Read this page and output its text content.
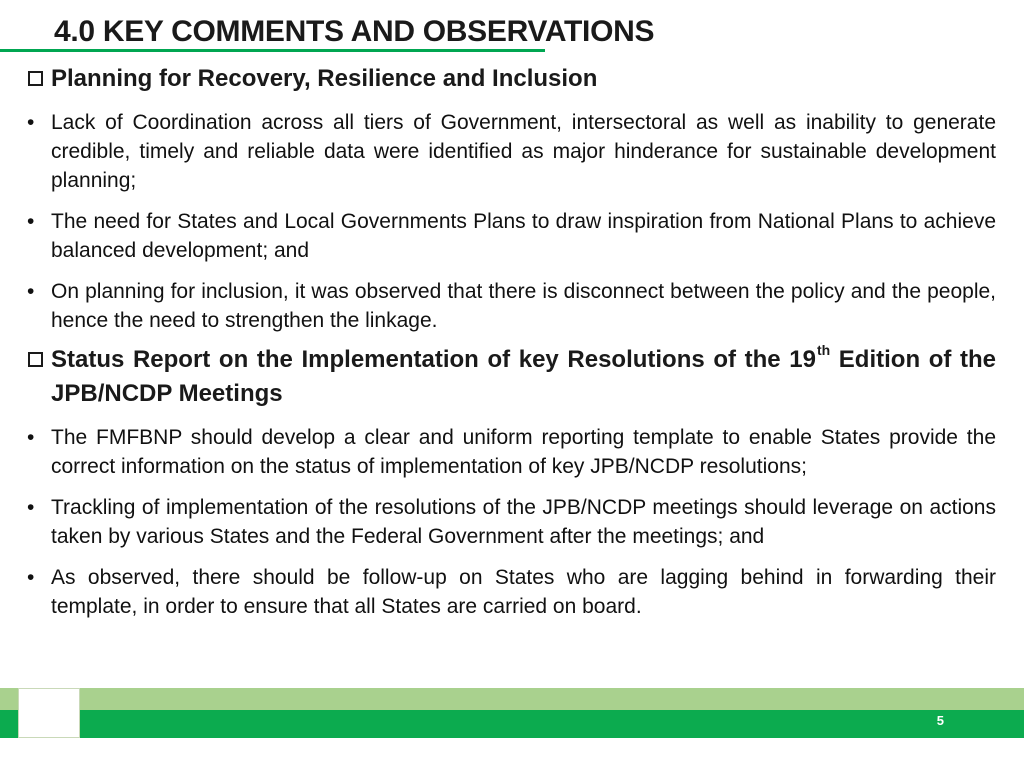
4.0 KEY COMMENTS AND OBSERVATIONS
Planning for Recovery, Resilience and Inclusion
• Lack of Coordination across all tiers of Government, intersectoral as well as inability to generate credible, timely and reliable data were identified as major hinderance for sustainable development planning;
• The need for States and Local Governments Plans to draw inspiration from National Plans to achieve balanced development; and
• On planning for inclusion, it was observed that there is disconnect between the policy and the people, hence the need to strengthen the linkage.
Status Report on the Implementation of key Resolutions of the 19th Edition of the JPB/NCDP Meetings
• The FMFBNP should develop a clear and uniform reporting template to enable States provide the correct information on the status of implementation of key JPB/NCDP resolutions;
• Trackling of implementation of the resolutions of the JPB/NCDP meetings should leverage on actions taken by various States and the Federal Government after the meetings; and
• As observed, there should be follow-up on States who are lagging behind in forwarding their template, in order to ensure that all States are carried on board.
5
